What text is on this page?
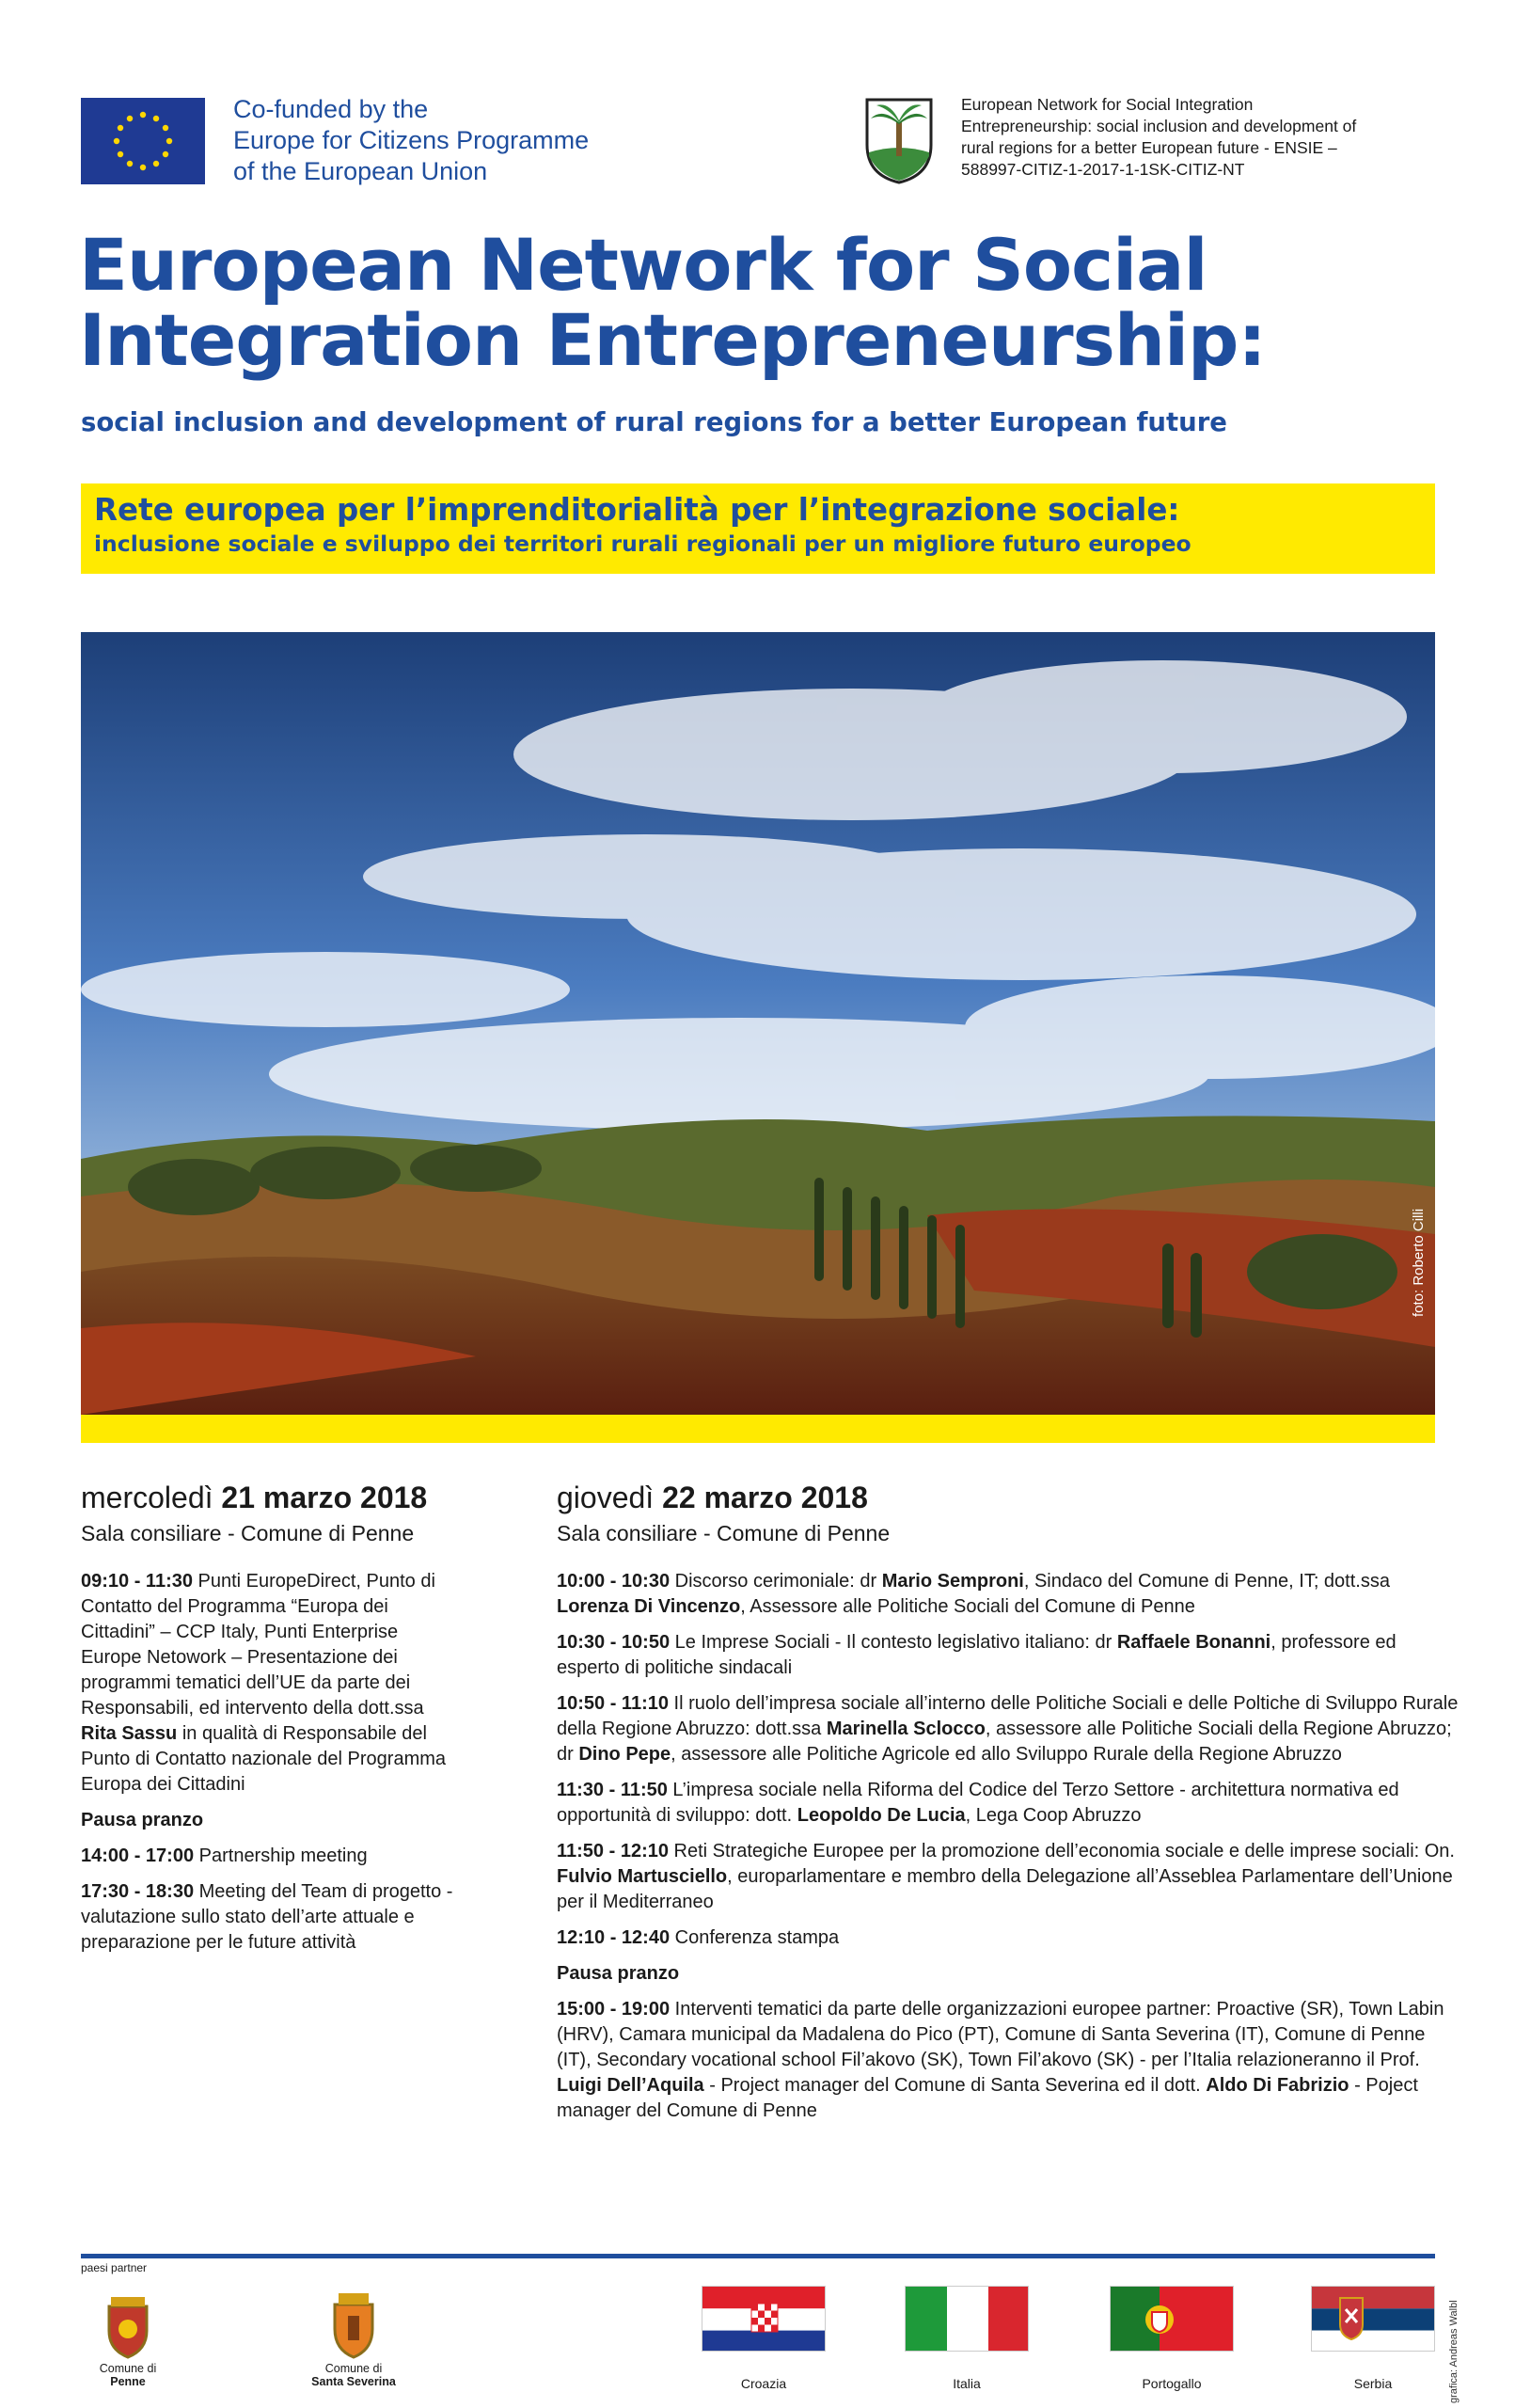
Co-funded by the
Europe for Citizens Programme
of the European Union
European Network for Social Integration
Entrepreneurship: social inclusion and development of
rural regions for a better European future - ENSIE –
588997-CITIZ-1-2017-1-1SK-CITIZ-NT
European Network for Social
Integration Entrepreneurship:
social inclusion and development of rural regions for a better European future
Rete europea per l’imprenditorialità per l’integrazione sociale:
inclusione sociale e sviluppo dei territori rurali regionali per un migliore futuro europeo
foto: Roberto Cilli
mercoledì 21 marzo 2018
Sala consiliare - Comune di Penne
09:10 - 11:30 Punti EuropeDirect, Punto di Contatto del Programma “Europa dei Cittadini” – CCP Italy, Punti Enterprise Europe Netowork – Presentazione dei programmi tematici dell’UE da parte dei Responsabili, ed intervento della dott.ssa Rita Sassu in qualità di Responsabile del Punto di Contatto nazionale del Programma Europa dei Cittadini
Pausa pranzo
14:00 - 17:00 Partnership meeting
17:30 - 18:30 Meeting del Team di progetto - valutazione sullo stato dell’arte attuale e preparazione per le future attività
giovedì 22 marzo 2018
Sala consiliare - Comune di Penne
10:00 - 10:30 Discorso cerimoniale: dr Mario Semproni, Sindaco del Comune di Penne, IT; dott.ssa Lorenza Di Vincenzo, Assessore alle Politiche Sociali del Comune di Penne
10:30 - 10:50 Le Imprese Sociali - Il contesto legislativo italiano: dr Raffaele Bonanni, professore ed esperto di politiche sindacali
10:50 - 11:10 Il ruolo dell’impresa sociale all’interno delle Politiche Sociali e delle Poltiche di Sviluppo Rurale della Regione Abruzzo: dott.ssa Marinella Sclocco, assessore alle Politiche Sociali della Regione Abruzzo; dr Dino Pepe, assessore alle Politiche Agricole ed allo Sviluppo Rurale della Regione Abruzzo
11:30 - 11:50 L’impresa sociale nella Riforma del Codice del Terzo Settore - architettura normativa ed opportunità di sviluppo: dott. Leopoldo De Lucia, Lega Coop Abruzzo
11:50 - 12:10 Reti Strategiche Europee per la promozione dell’economia sociale e delle imprese sociali: On. Fulvio Martusciello, europarlamentare e membro della Delegazione all’Asseblea Parlamentare dell’Unione per il Mediterraneo
12:10 - 12:40 Conferenza stampa
Pausa pranzo
15:00 - 19:00 Interventi tematici da parte delle organizzazioni europee partner: Proactive (SR), Town Labin (HRV), Camara municipal da Madalena do Pico (PT), Comune di Santa Severina (IT), Comune di Penne (IT), Secondary vocational school Fil’akovo (SK), Town Fil’akovo (SK) - per l’Italia relazioneranno il Prof. Luigi Dell’Aquila - Project manager del Comune di Santa Severina ed il dott. Aldo Di Fabrizio - Poject manager del Comune di Penne
paesi partner
Comune di
Penne
Comune di
Santa Severina	Croazia	Italia	Portogallo	Serbia	grafica: Andreas Walbl
